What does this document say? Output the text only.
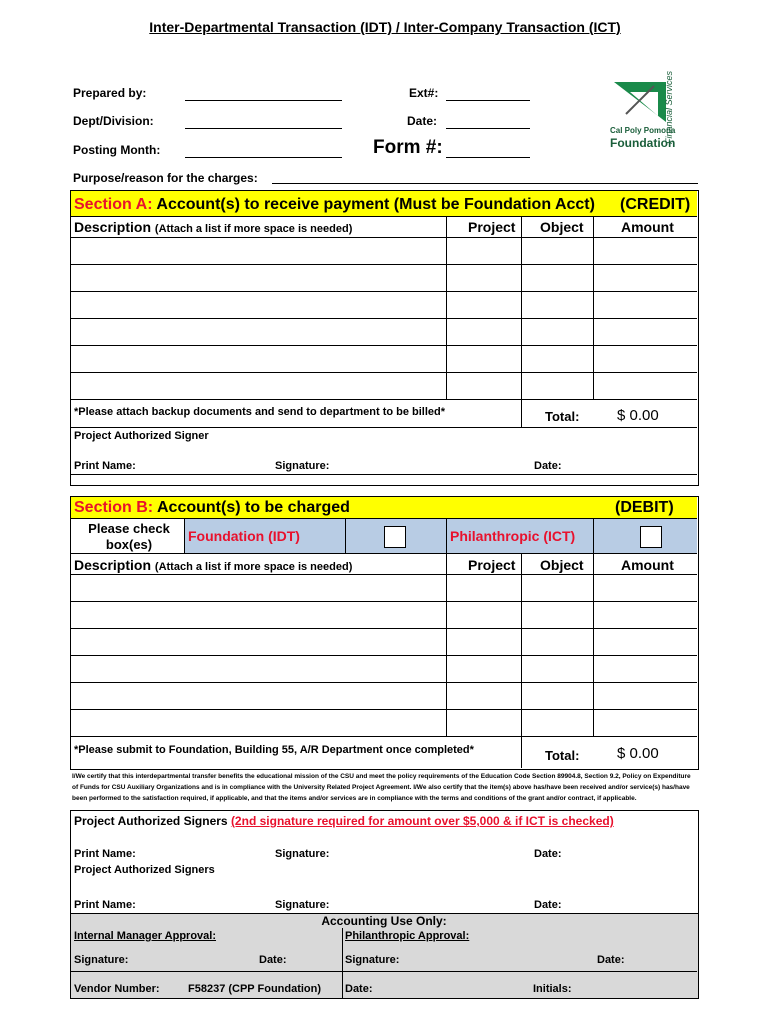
Inter-Departmental Transaction (IDT) / Inter-Company Transaction (ICT)
Prepared by:
Dept/Division:
Posting Month:
Ext#:
Date:
Form #:
Purpose/reason for the charges:
Cal Poly Pomona
Foundation
Financial Services
Section A: Account(s) to receive payment (Must be Foundation Acct) (CREDIT)
Description (Attach a list if more space is needed)	Project Object	Amount
*Please attach backup documents and send to department to be billed*	Total:	$ 0.00
Project Authorized Signer
Print Name:	Signature:	Date:
Section B: Account(s) to be charged	(DEBIT)
Please check
box(es)
Foundation (IDT)	Philanthropic (ICT)
Description (Attach a list if more space is needed)	Project Object	Amount
*Please submit to Foundation, Building 55, A/R Department once completed*	Total:	$ 0.00
I/We certify that this interdepartmental transfer benefits the educational mission of the CSU and meet the policy requirements of the Education Code Section 89904.8, Section 9.2, Policy on Expenditure of Funds for CSU Auxiliary Organizations and is in compliance with the University Related Project Agreement. I/We also certify that the item(s) above has/have been received and/or service(s) has/have been performed to the satisfaction required, if applicable, and that the items and/or services are in compliance with the terms and conditions of the grant and/or contract, if applicable.
Project Authorized Signers (2nd signature required for amount over $5,000 & if ICT is checked)
Print Name:	Signature:	Date:
Project Authorized Signers
Print Name:	Signature:	Date:
Accounting Use Only:
Internal Manager Approval:	Philanthropic Approval:
Signature:	Date:	Signature:	Date:
Vendor Number:	F58237 (CPP Foundation) Date:	Initials:
